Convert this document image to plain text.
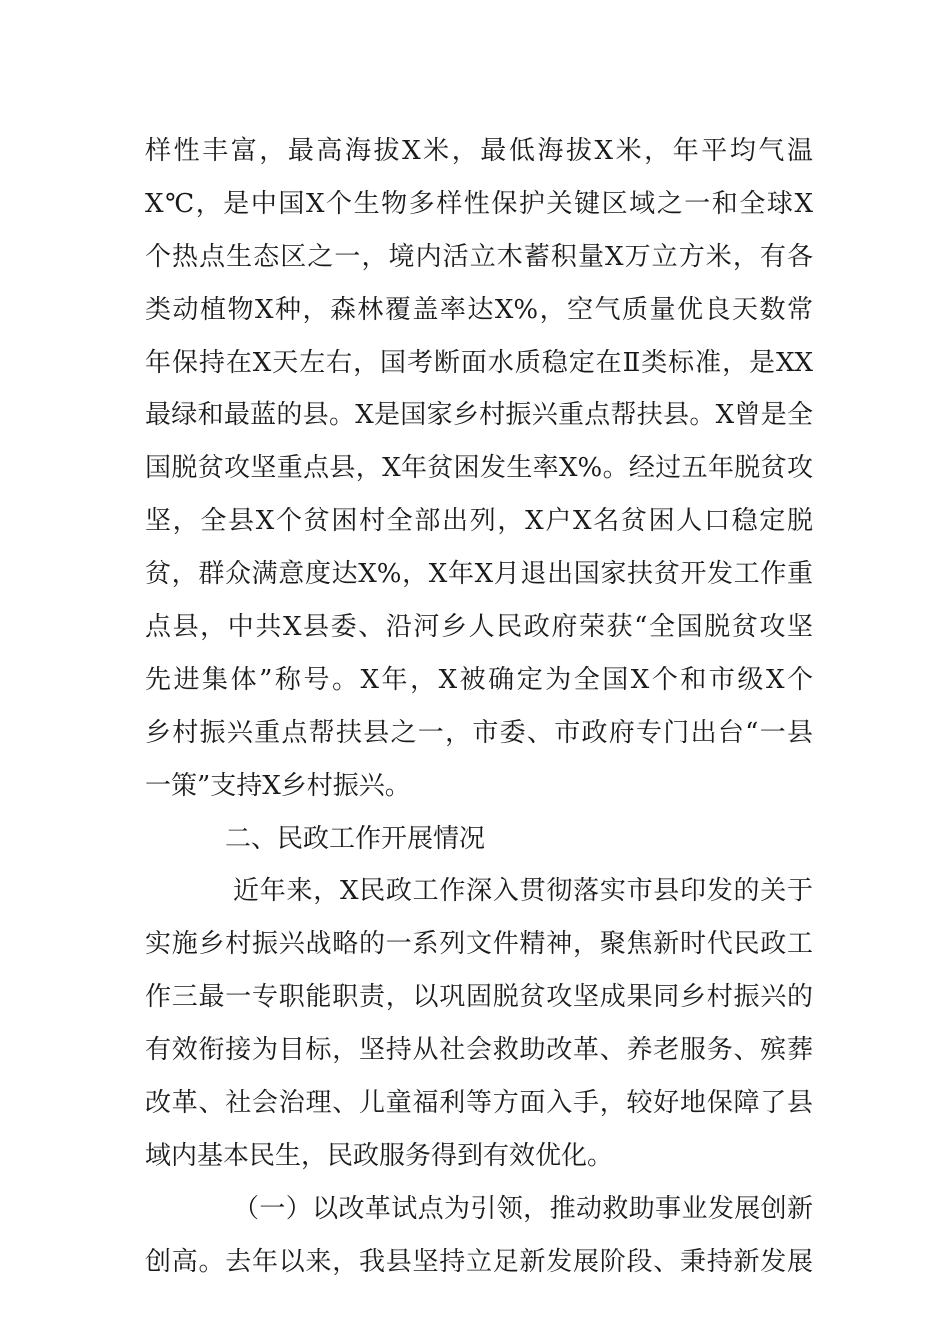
样性丰富，最高海拔X米，最低海拔X米，年平均气温
X℃，是中国X个生物多样性保护关键区域之一和全球X
个热点生态区之一，境内活立木蓄积量X万立方米，有各
类动植物X种，森林覆盖率达X%，空气质量优良天数常
年保持在X天左右，国考断面水质稳定在Ⅱ类标准，是XX
最绿和最蓝的县。X是国家乡村振兴重点帮扶县。X曾是全
国脱贫攻坚重点县，X年贫困发生率X%。经过五年脱贫攻
坚，全县X个贫困村全部出列，X户X名贫困人口稳定脱
贫，群众满意度达X%，X年X月退出国家扶贫开发工作重
点县，中共X县委、沿河乡人民政府荣获“全国脱贫攻坚
先进集体”称号。X年，X被确定为全国X个和市级X个
乡村振兴重点帮扶县之一，市委、市政府专门出台“一县
一策”支持X乡村振兴。
二、民政工作开展情况
近年来，X民政工作深入贯彻落实市县印发的关于
实施乡村振兴战略的一系列文件精神，聚焦新时代民政工
作三最一专职能职责，以巩固脱贫攻坚成果同乡村振兴的
有效衔接为目标，坚持从社会救助改革、养老服务、殡葬
改革、社会治理、儿童福利等方面入手，较好地保障了县
域内基本民生，民政服务得到有效优化。
（一）以改革试点为引领，推动救助事业发展创新
创高。去年以来，我县坚持立足新发展阶段、秉持新发展
